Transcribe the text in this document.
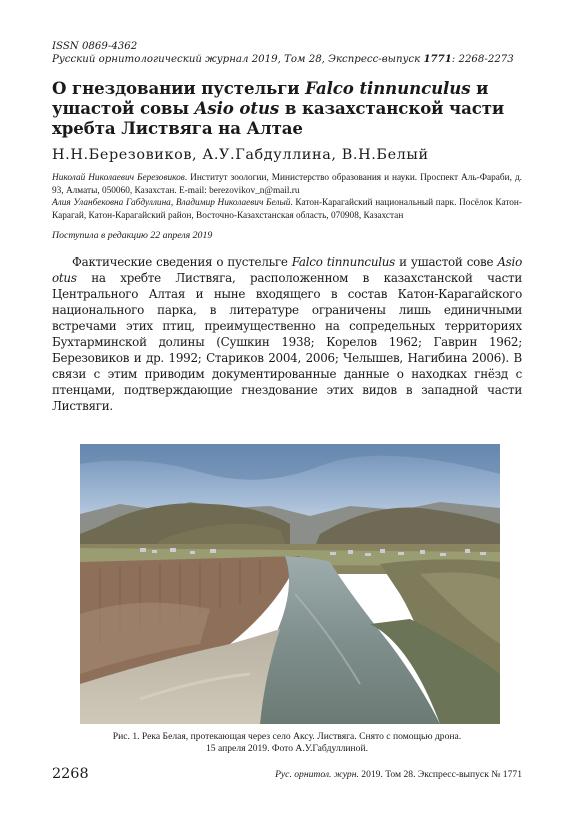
ISSN 0869-4362

Русский орнитологический журнал 2019, Том 28, Экспресс-выпуск 1771: 2268-2273

О гнездовании пустельги Falco tinnunculus и ушастой совы Asio otus в казахстанской части хребта Листвяга на Алтае

Н.Н.Березовиков, А.У.Габдуллина, В.Н.Белый

Николай Николаевич Березовиков. Институт зоологии, Министерство образования и науки. Проспект Аль-Фараби, д. 93, Алматы, 050060, Казахстан. E-mail: berezovikov_n@mail.ru
Алия Уланбековна Габдуллина, Владимир Николаевич Белый. Катон-Карагайский национальный парк. Посёлок Катон-Карагай, Катон-Карагайский район, Восточно-Казахстанская область, 070908, Казахстан

Поступила в редакцию 22 апреля 2019

Фактические сведения о пустельге Falco tinnunculus и ушастой сове Asio otus на хребте Листвяга, расположенном в казахстанской части Центрального Алтая и ныне входящего в состав Катон-Карагайского национального парка, в литературе ограничены лишь единичными встречами этих птиц, преимущественно на сопредельных территориях Бухтарминской долины (Сушкин 1938; Корелов 1962; Гаврин 1962; Березовиков и др. 1992; Стариков 2004, 2006; Челышев, Нагибина 2006). В связи с этим приводим документированные данные о находках гнёзд с птенцами, подтверждающие гнездование этих видов в западной части Листвяги.

Рис. 1. Река Белая, протекающая через село Аксу. Листвяга. Снято с помощью дрона.
15 апреля 2019. Фото А.У.Габдуллиной.
2268	Рус. орнитол. журн. 2019. Том 28. Экспресс-выпуск № 1771
